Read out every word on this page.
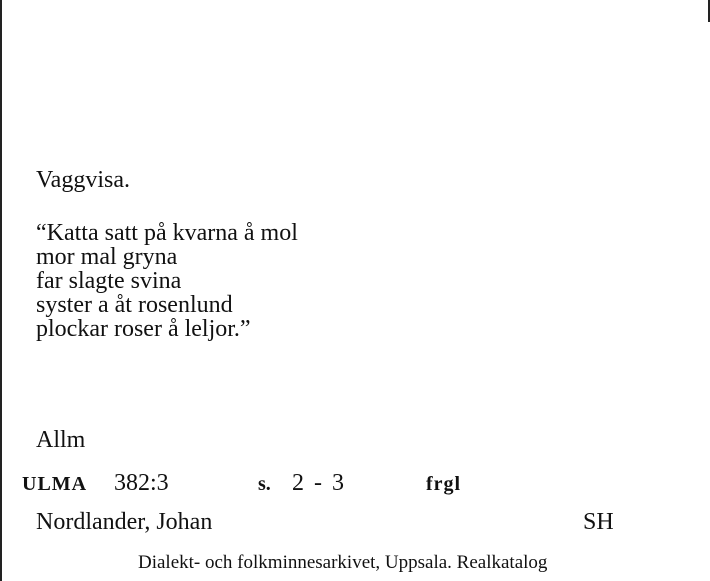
Vaggvisa.
“Katta satt på kvarna å mol
mor mal gryna
far slagte svina
syster a åt rosenlund
plockar roser å leljor.”
Allm
ULMA 382:3	s. 2 - 3	frgl
Nordlander, Johan	SH
Dialekt- och folkminnesarkivet, Uppsala. Realkatalog
